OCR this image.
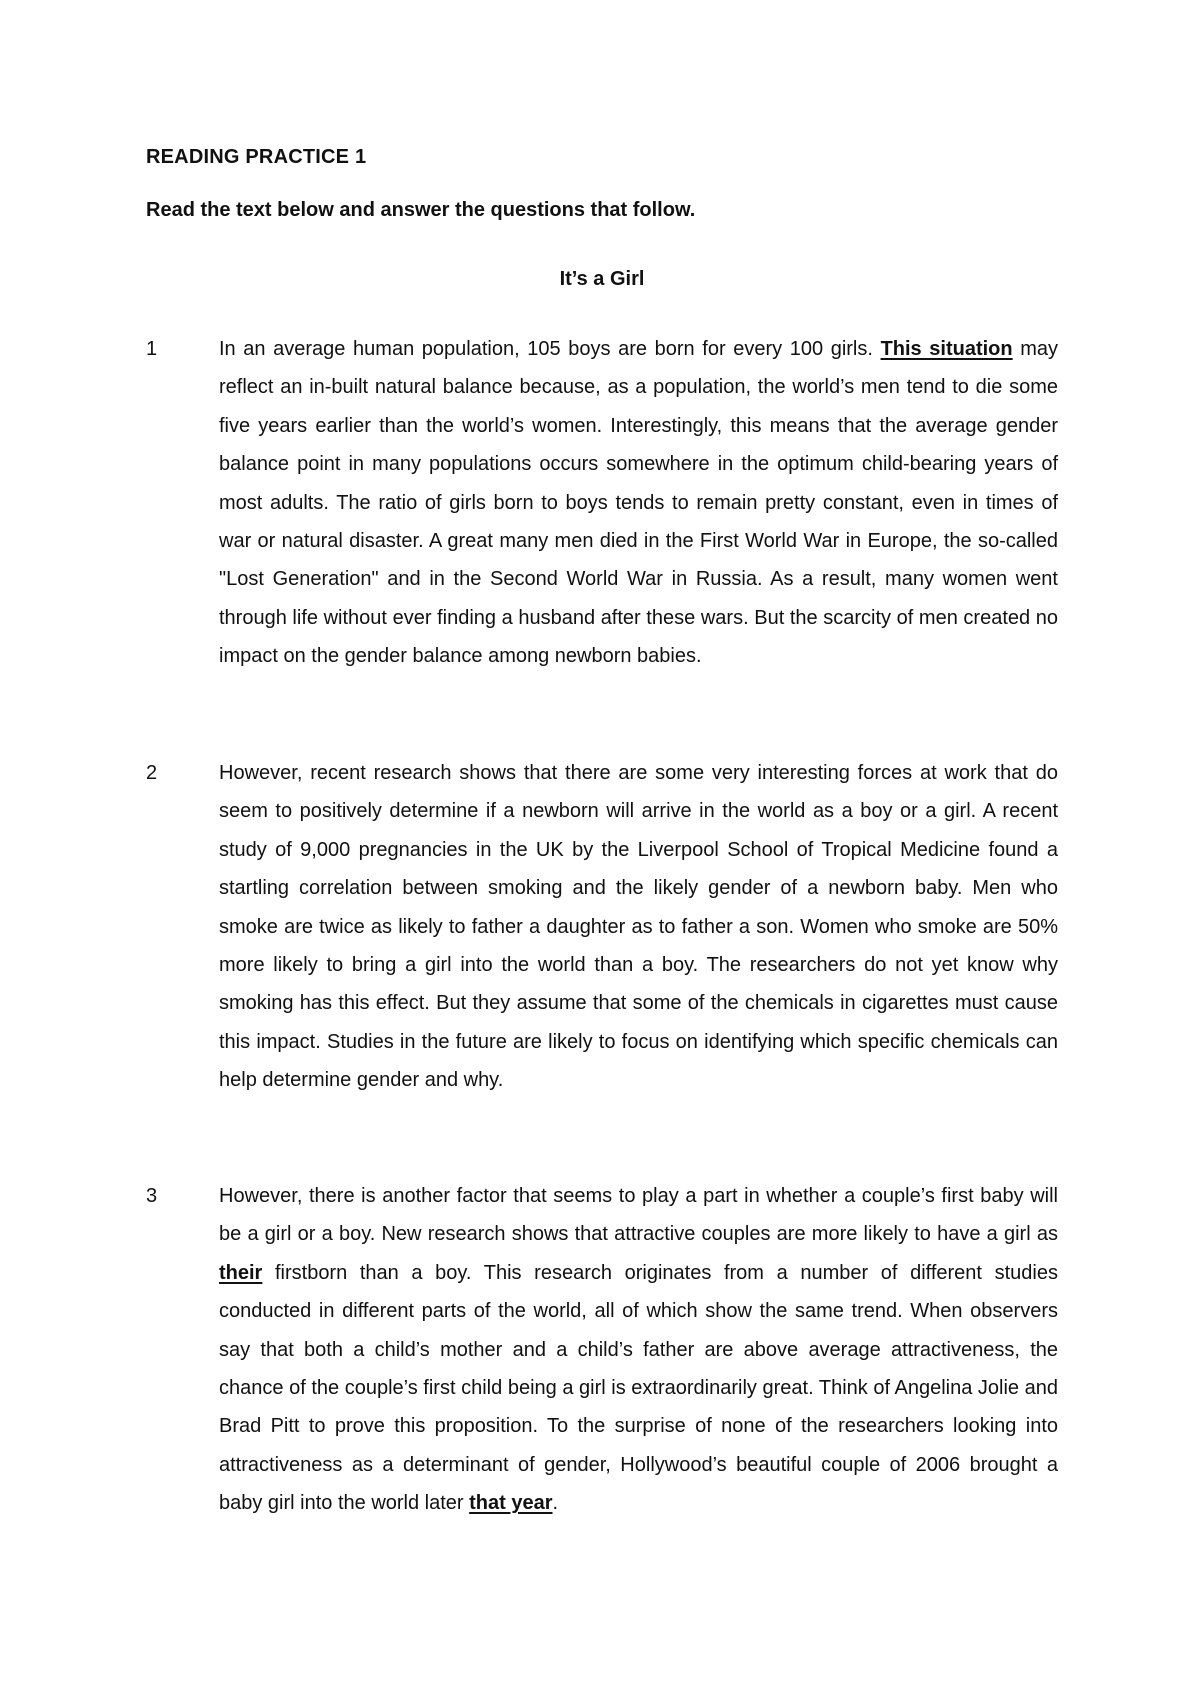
READING PRACTICE 1

Read the text below and answer the questions that follow.

It’s a Girl

1	In an average human population, 105 boys are born for every 100 girls. This situation may reflect an in-built natural balance because, as a population, the world’s men tend to die some five years earlier than the world’s women. Interestingly, this means that the average gender balance point in many populations occurs somewhere in the optimum child-bearing years of most adults. The ratio of girls born to boys tends to remain pretty constant, even in times of war or natural disaster. A great many men died in the First World War in Europe, the so-called "Lost Generation" and in the Second World War in Russia. As a result, many women went through life without ever finding a husband after these wars. But the scarcity of men created no impact on the gender balance among newborn babies.

2	However, recent research shows that there are some very interesting forces at work that do seem to positively determine if a newborn will arrive in the world as a boy or a girl. A recent study of 9,000 pregnancies in the UK by the Liverpool School of Tropical Medicine found a startling correlation between smoking and the likely gender of a newborn baby. Men who smoke are twice as likely to father a daughter as to father a son. Women who smoke are 50% more likely to bring a girl into the world than a boy. The researchers do not yet know why smoking has this effect. But they assume that some of the chemicals in cigarettes must cause this impact. Studies in the future are likely to focus on identifying which specific chemicals can help determine gender and why.

3	However, there is another factor that seems to play a part in whether a couple’s first baby will be a girl or a boy. New research shows that attractive couples are more likely to have a girl as their firstborn than a boy. This research originates from a number of different studies conducted in different parts of the world, all of which show the same trend. When observers say that both a child’s mother and a child’s father are above average attractiveness, the chance of the couple’s first child being a girl is extraordinarily great. Think of Angelina Jolie and Brad Pitt to prove this proposition. To the surprise of none of the researchers looking into attractiveness as a determinant of gender, Hollywood’s beautiful couple of 2006 brought a baby girl into the world later that year.
